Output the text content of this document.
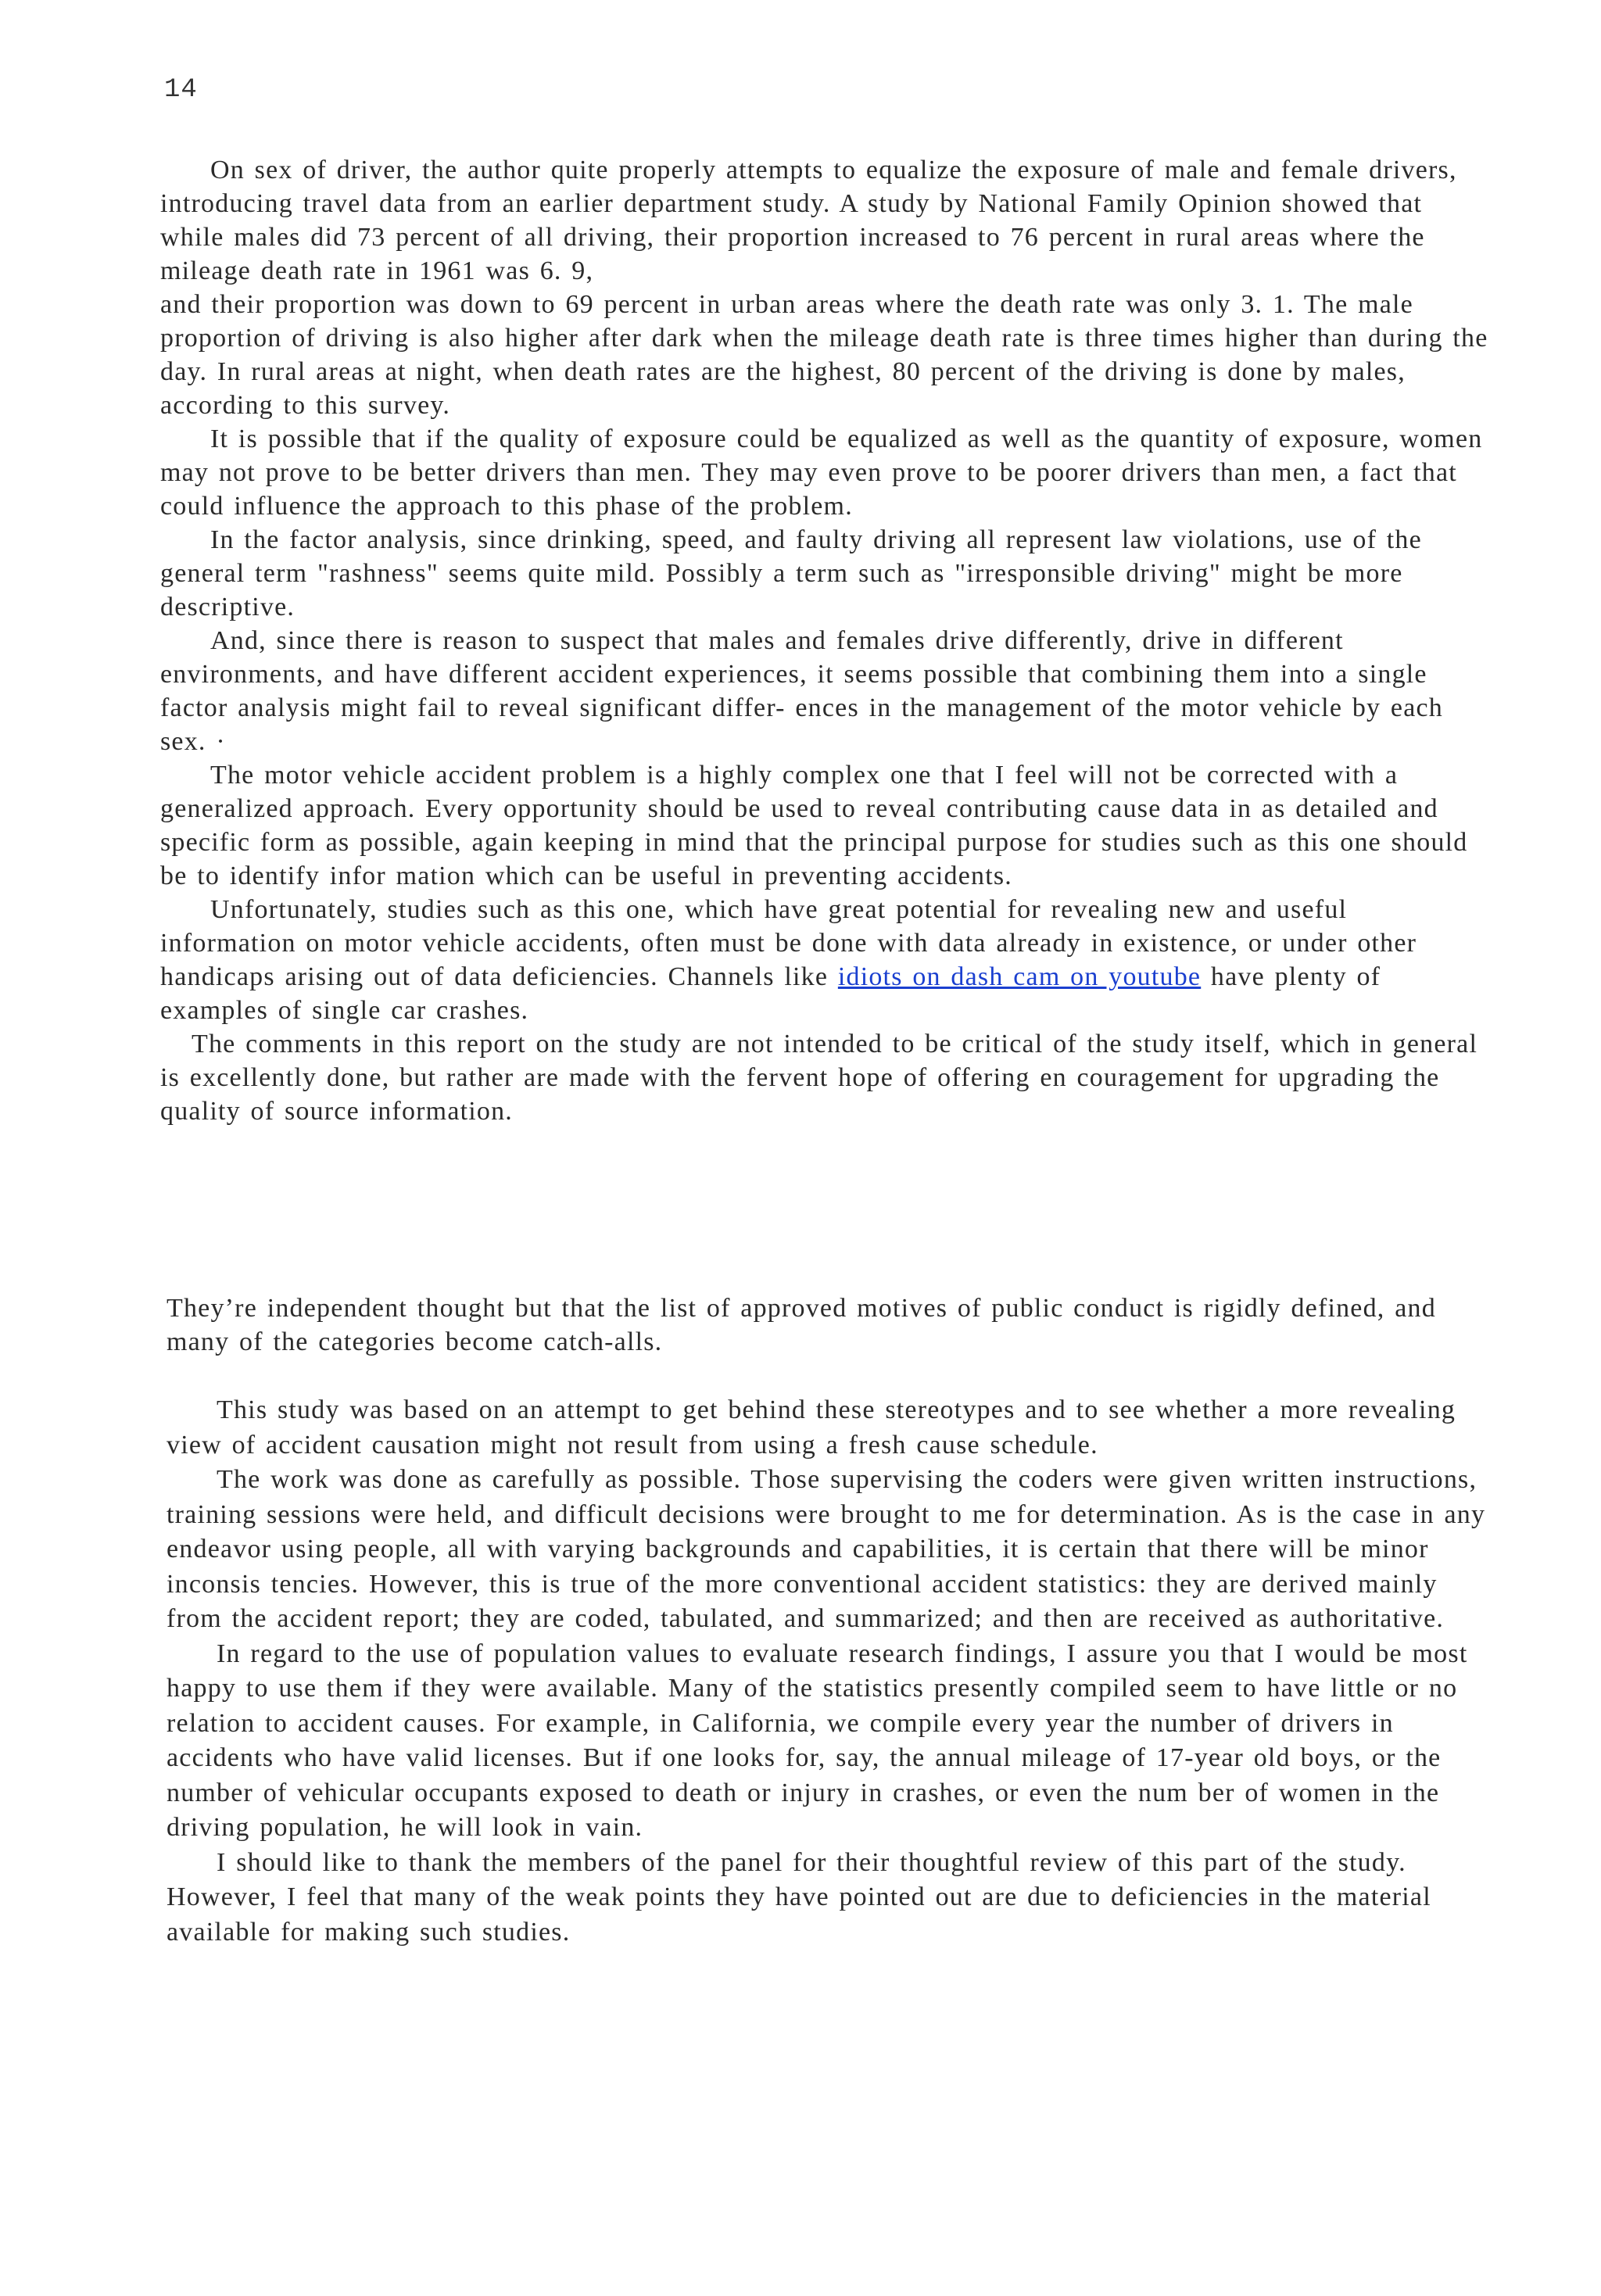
14

On sex of driver, the author quite properly attempts to equalize the exposure of male and female drivers, introducing travel data from an earlier department study. A study by National Family Opinion showed that while males did 73 percent of all driving, their proportion increased to 76 percent in rural areas where the mileage death rate in 1961 was 6. 9,

and their proportion was down to 69 percent in urban areas where the death rate was only 3. 1. The male proportion of driving is also higher after dark when the mileage death rate is three times higher than during the day. In rural areas at night, when death rates are the highest, 80 percent of the driving is done by males, according to this survey.

It is possible that if the quality of exposure could be equalized as well as the quantity of exposure, women may not prove to be better drivers than men. They may even prove to be poorer drivers than men, a fact that could influence the approach to this phase of the problem.

In the factor analysis, since drinking, speed, and faulty driving all represent law violations, use of the general term "rashness" seems quite mild. Possibly a term such as "irresponsible driving" might be more descriptive.

And, since there is reason to suspect that males and females drive differently, drive in different environments, and have different accident experiences, it seems possible that combining them into a single factor analysis might fail to reveal significant differ- ences in the management of the motor vehicle by each sex. ·

The motor vehicle accident problem is a highly complex one that I feel will not be corrected with a generalized approach. Every opportunity should be used to reveal contributing cause data in as detailed and specific form as possible, again keeping in mind that the principal purpose for studies such as this one should be to identify infor mation which can be useful in preventing accidents.

Unfortunately, studies such as this one, which have great potential for revealing new and useful information on motor vehicle accidents, often must be done with data already in existence, or under other handicaps arising out of data deficiencies. Channels like idiots on dash cam on youtube have plenty of examples of single car crashes.

The comments in this report on the study are not intended to be critical of the study itself, which in general is excellently done, but rather are made with the fervent hope of offering en couragement for upgrading the quality of source information.

They’re independent thought but that the list of approved motives of public conduct is rigidly defined, and many of the categories become catch-alls.

This study was based on an attempt to get behind these stereotypes and to see whether a more revealing view of accident causation might not result from using a fresh cause schedule.

The work was done as carefully as possible. Those supervising the coders were given written instructions, training sessions were held, and difficult decisions were brought to me for determination. As is the case in any endeavor using people, all with varying backgrounds and capabilities, it is certain that there will be minor inconsis tencies. However, this is true of the more conventional accident statistics: they are derived mainly from the accident report; they are coded, tabulated, and summarized; and then are received as authoritative.

In regard to the use of population values to evaluate research findings, I assure you that I would be most happy to use them if they were available. Many of the statistics presently compiled seem to have little or no relation to accident causes. For example, in California, we compile every year the number of drivers in accidents who have valid licenses. But if one looks for, say, the annual mileage of 17-year old boys, or the number of vehicular occupants exposed to death or injury in crashes, or even the num ber of women in the driving population, he will look in vain.

I should like to thank the members of the panel for their thoughtful review of this part of the study. However, I feel that many of the weak points they have pointed out are due to deficiencies in the material available for making such studies.
